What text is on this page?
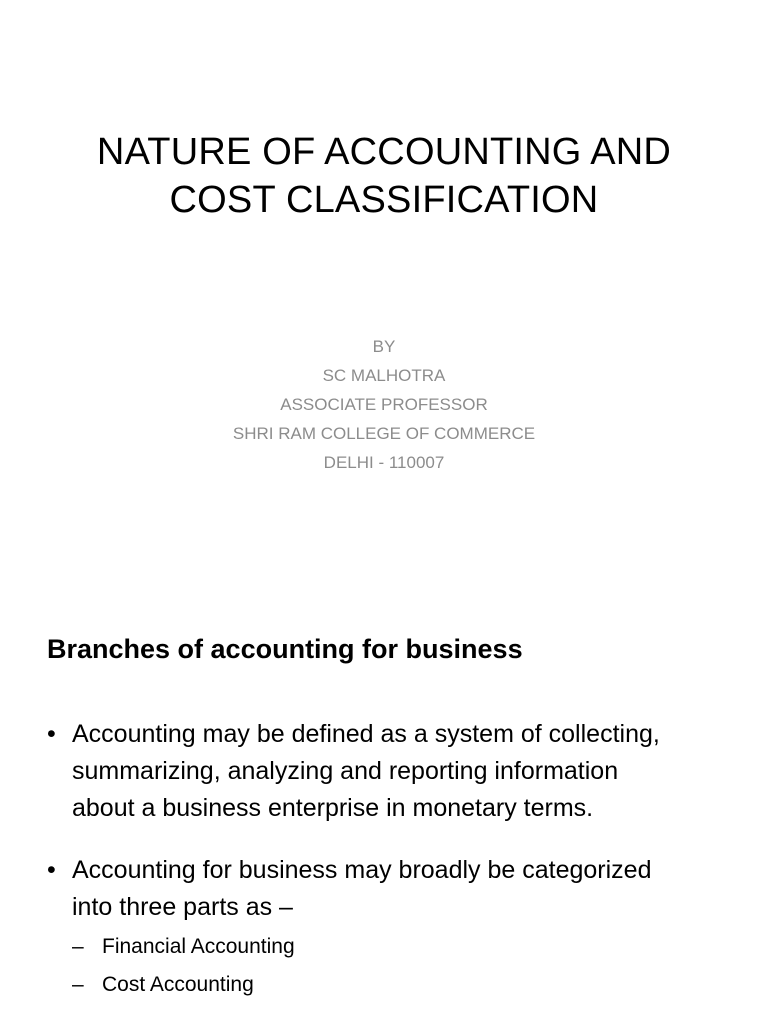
NATURE OF ACCOUNTING AND
COST CLASSIFICATION
BY
SC MALHOTRA
ASSOCIATE PROFESSOR
SHRI RAM COLLEGE OF COMMERCE
DELHI - 110007
Branches of accounting for business
• Accounting may be defined as a system of collecting,
summarizing, analyzing and reporting information
about a business enterprise in monetary terms.
• Accounting for business may broadly be categorized
into three parts as –
– Financial Accounting
– Cost Accounting
